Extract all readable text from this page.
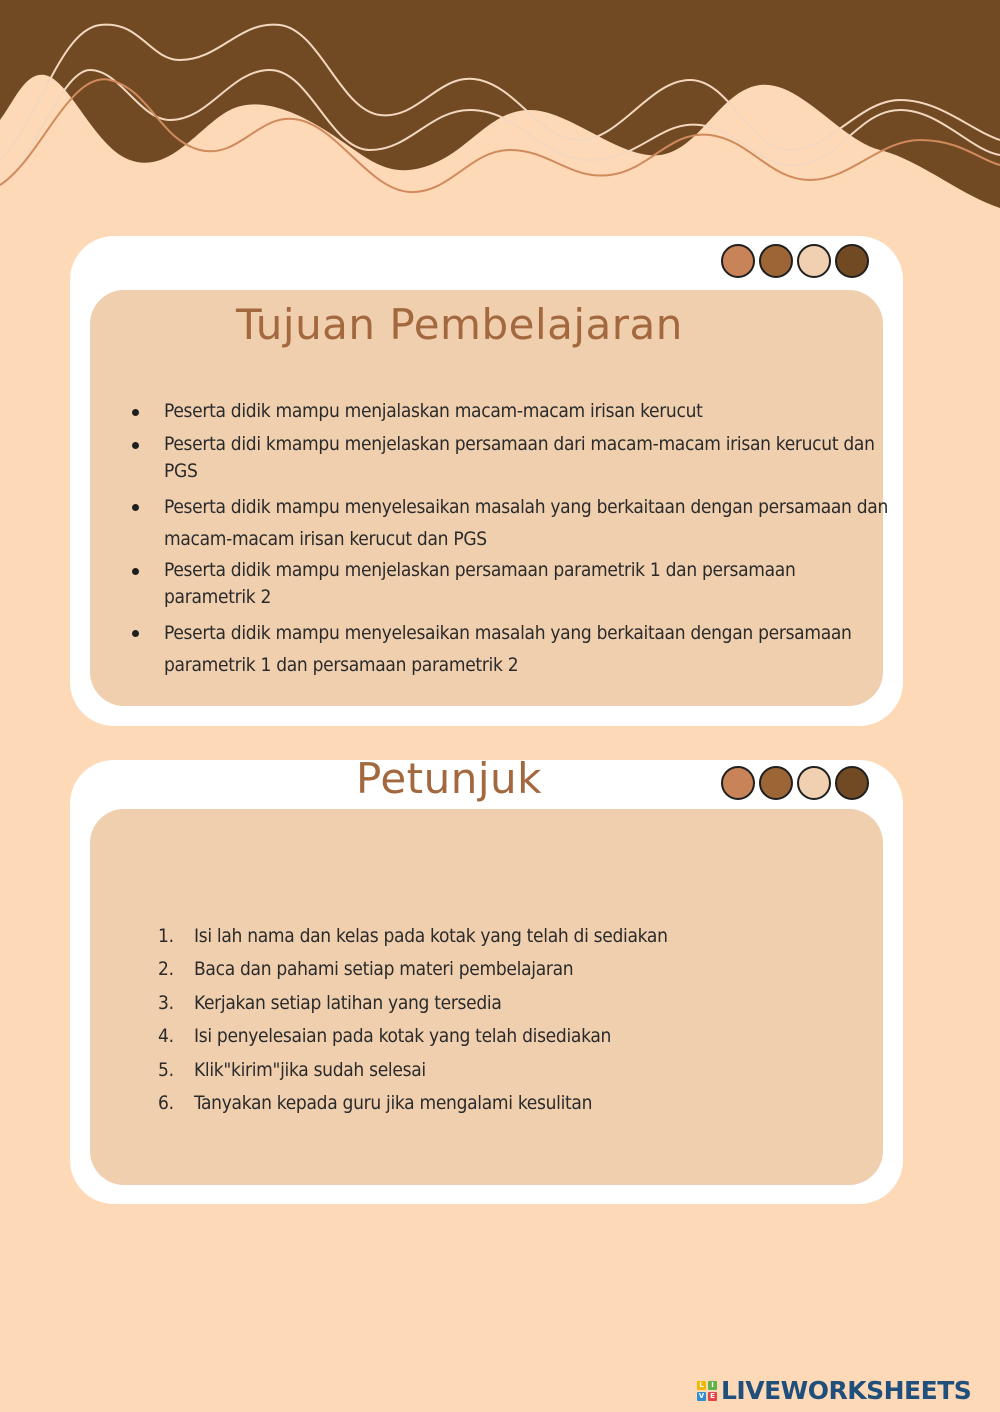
Tujuan Pembelajaran
Peserta didik mampu menjalaskan macam-macam irisan kerucut
Peserta didi kmampu menjelaskan persamaan dari macam-macam irisan kerucut dan PGS
Peserta didik mampu menyelesaikan masalah yang berkaitaan dengan persamaan dan macam-macam irisan kerucut dan PGS
Peserta didik mampu menjelaskan persamaan parametrik 1 dan persamaan parametrik 2
Peserta didik mampu menyelesaikan masalah yang berkaitaan dengan persamaan parametrik 1 dan persamaan parametrik 2
Petunjuk
1.	Isi lah nama dan kelas pada kotak yang telah di sediakan
2.	Baca dan pahami setiap materi pembelajaran
3.	Kerjakan setiap latihan yang tersedia
4.	Isi penyelesaian pada kotak yang telah disediakan
5.	Klik"kirim"jika sudah selesai
6.	Tanyakan kepada guru jika mengalami kesulitan
L	I
V E LIVEWORKSHEETS
